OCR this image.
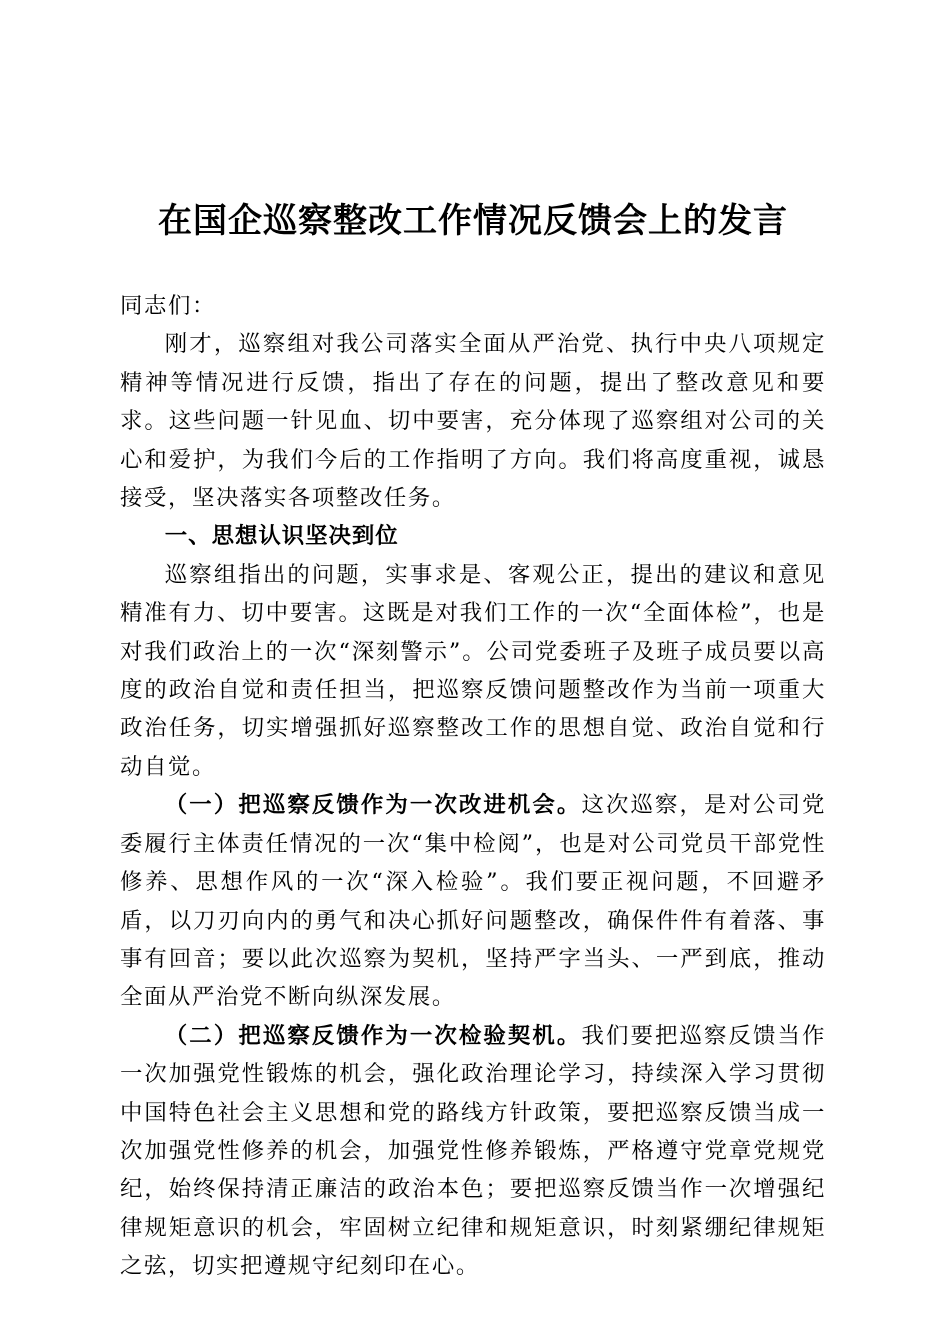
在国企巡察整改工作情况反馈会上的发言

同志们：

刚才，巡察组对我公司落实全面从严治党、执行中央八项规定精神等情况进行反馈，指出了存在的问题，提出了整改意见和要求。这些问题一针见血、切中要害，充分体现了巡察组对公司的关心和爱护，为我们今后的工作指明了方向。我们将高度重视，诚恳接受，坚决落实各项整改任务。

一、思想认识坚决到位

巡察组指出的问题，实事求是、客观公正，提出的建议和意见精准有力、切中要害。这既是对我们工作的一次“全面体检”，也是对我们政治上的一次“深刻警示”。公司党委班子及班子成员要以高度的政治自觉和责任担当，把巡察反馈问题整改作为当前一项重大政治任务，切实增强抓好巡察整改工作的思想自觉、政治自觉和行动自觉。

（一）把巡察反馈作为一次改进机会。这次巡察，是对公司党委履行主体责任情况的一次“集中检阅”，也是对公司党员干部党性修养、思想作风的一次“深入检验”。我们要正视问题，不回避矛盾，以刀刃向内的勇气和决心抓好问题整改，确保件件有着落、事事有回音；要以此次巡察为契机，坚持严字当头、一严到底，推动全面从严治党不断向纵深发展。

（二）把巡察反馈作为一次检验契机。我们要把巡察反馈当作一次加强党性锻炼的机会，强化政治理论学习，持续深入学习贯彻中国特色社会主义思想和党的路线方针政策，要把巡察反馈当成一次加强党性修养的机会，加强党性修养锻炼，严格遵守党章党规党纪，始终保持清正廉洁的政治本色；要把巡察反馈当作一次增强纪律规矩意识的机会，牢固树立纪律和规矩意识，时刻紧绷纪律规矩之弦，切实把遵规守纪刻印在心。
